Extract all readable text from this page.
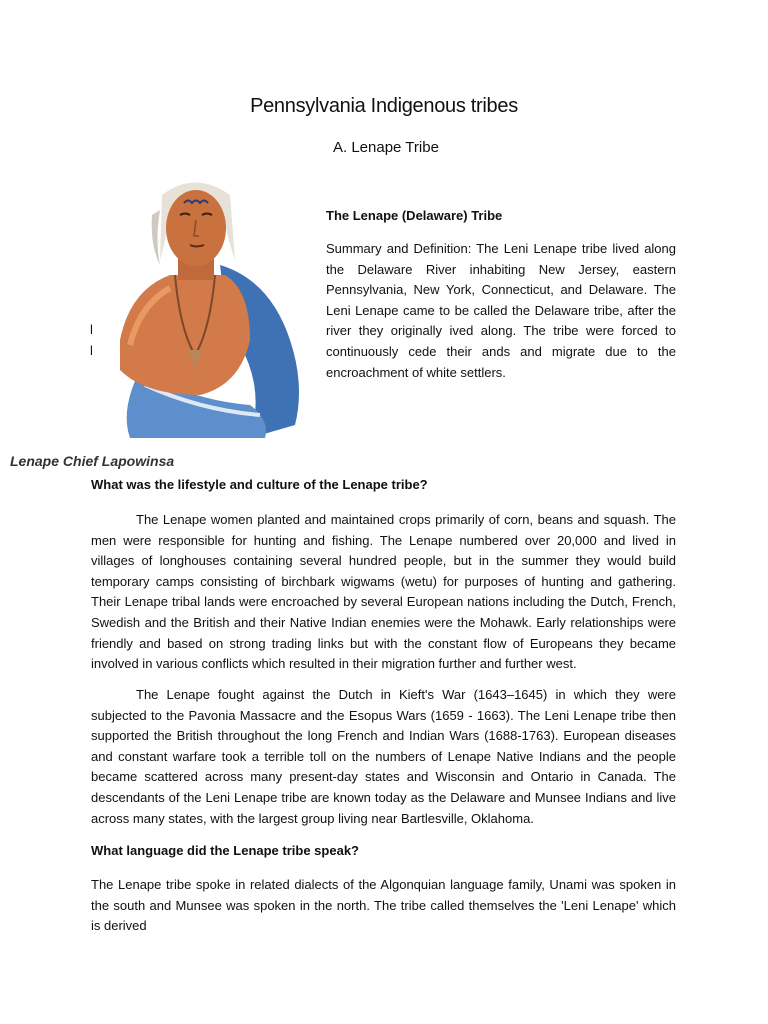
Pennsylvania Indigenous tribes
A. Lenape Tribe
The Lenape (Delaware) Tribe
Summary and Definition: The Leni Lenape tribe lived along the Delaware River inhabiting New Jersey, eastern Pennsylvania, New York, Connecticut, and Delaware. The Leni Lenape came to be called the Delaware tribe, after the river they originally ived along. The tribe were forced to continuously cede their ands and migrate due to the encroachment of white settlers.
l
l
Lenape Chief Lapowinsa
What was the lifestyle and culture of the Lenape tribe?
The Lenape women planted and maintained crops primarily of corn, beans and squash. The men were responsible for hunting and fishing. The Lenape numbered over 20,000 and lived in villages of longhouses containing several hundred people, but in the summer they would build temporary camps consisting of birchbark wigwams (wetu) for purposes of hunting and gathering. Their Lenape tribal lands were encroached by several European nations including the Dutch, French, Swedish and the British and their Native Indian enemies were the Mohawk. Early relationships were friendly and based on strong trading links but with the constant flow of Europeans they became involved in various conflicts which resulted in their migration further and further west.
The Lenape fought against the Dutch in Kieft's War (1643–1645) in which they were subjected to the Pavonia Massacre and the Esopus Wars (1659 - 1663). The Leni Lenape tribe then supported the British throughout the long French and Indian Wars (1688-1763). European diseases and constant warfare took a terrible toll on the numbers of Lenape Native Indians and the people became scattered across many present-day states and Wisconsin and Ontario in Canada. The descendants of the Leni Lenape tribe are known today as the Delaware and Munsee Indians and live across many states, with the largest group living near Bartlesville, Oklahoma.
What language did the Lenape tribe speak?
The Lenape tribe spoke in related dialects of the Algonquian language family, Unami was spoken in the south and Munsee was spoken in the north. The tribe called themselves the 'Leni Lenape' which is derived
